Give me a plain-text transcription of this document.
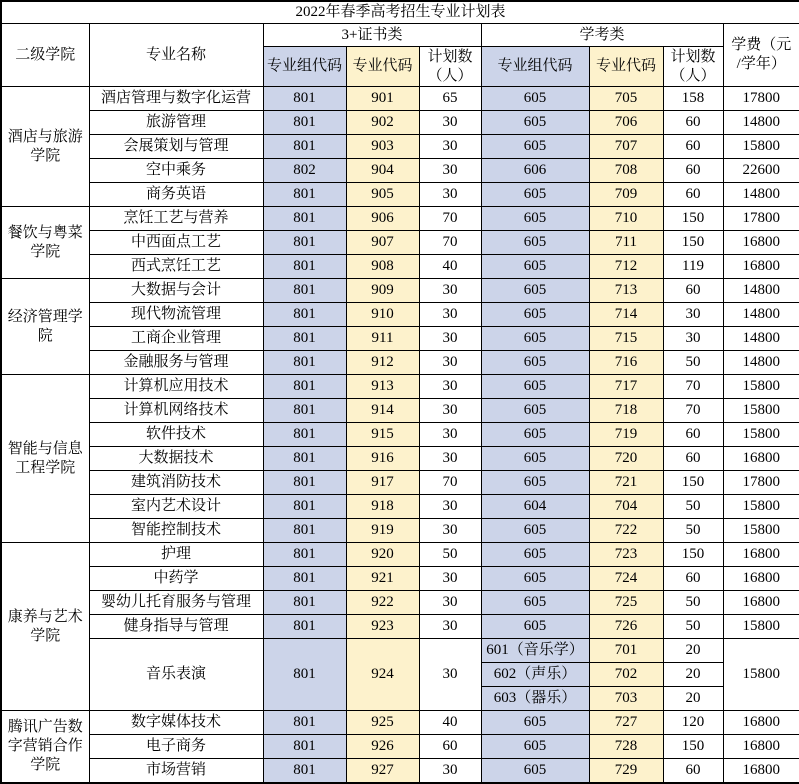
2022年春季高考招生专业计划表								
二级学院	专业名称	3+证书类			学考类			学费（元
/学年）
		专业组代码	专业代码	计划数
（人）	专业组代码	专业代码	计划数
（人）	
酒店与旅游学院	酒店管理与数字化运营	801	901	65	605	705	158	17800
	旅游管理	801	902	30	605	706	60	14800
	会展策划与管理	801	903	30	605	707	60	15800
	空中乘务	802	904	30	606	708	60	22600
	商务英语	801	905	30	605	709	60	14800
餐饮与粤菜学院	烹饪工艺与营养	801	906	70	605	710	150	17800
	中西面点工艺	801	907	70	605	711	150	16800
	西式烹饪工艺	801	908	40	605	712	119	16800
经济管理学院	大数据与会计	801	909	30	605	713	60	14800
	现代物流管理	801	910	30	605	714	30	14800
	工商企业管理	801	911	30	605	715	30	14800
	金融服务与管理	801	912	30	605	716	50	14800
智能与信息工程学院	计算机应用技术	801	913	30	605	717	70	15800
	计算机网络技术	801	914	30	605	718	70	15800
	软件技术	801	915	30	605	719	60	15800
	大数据技术	801	916	30	605	720	60	16800
	建筑消防技术	801	917	70	605	721	150	17800
	室内艺术设计	801	918	30	604	704	50	15800
	智能控制技术	801	919	30	605	722	50	15800
康养与艺术学院	护理	801	920	50	605	723	150	16800
	中药学	801	921	30	605	724	60	16800
	婴幼儿托育服务与管理	801	922	30	605	725	50	16800
	健身指导与管理	801	923	30	605	726	50	15800
	音乐表演	801	924	30	601（音乐学）	701	20	15800
					602（声乐）	702	20	
					603（器乐）	703	20	
腾讯广告数字营销合作学院	数字媒体技术	801	925	40	605	727	120	16800
	电子商务	801	926	60	605	728	150	16800
	市场营销	801	927	30	605	729	60	16800
